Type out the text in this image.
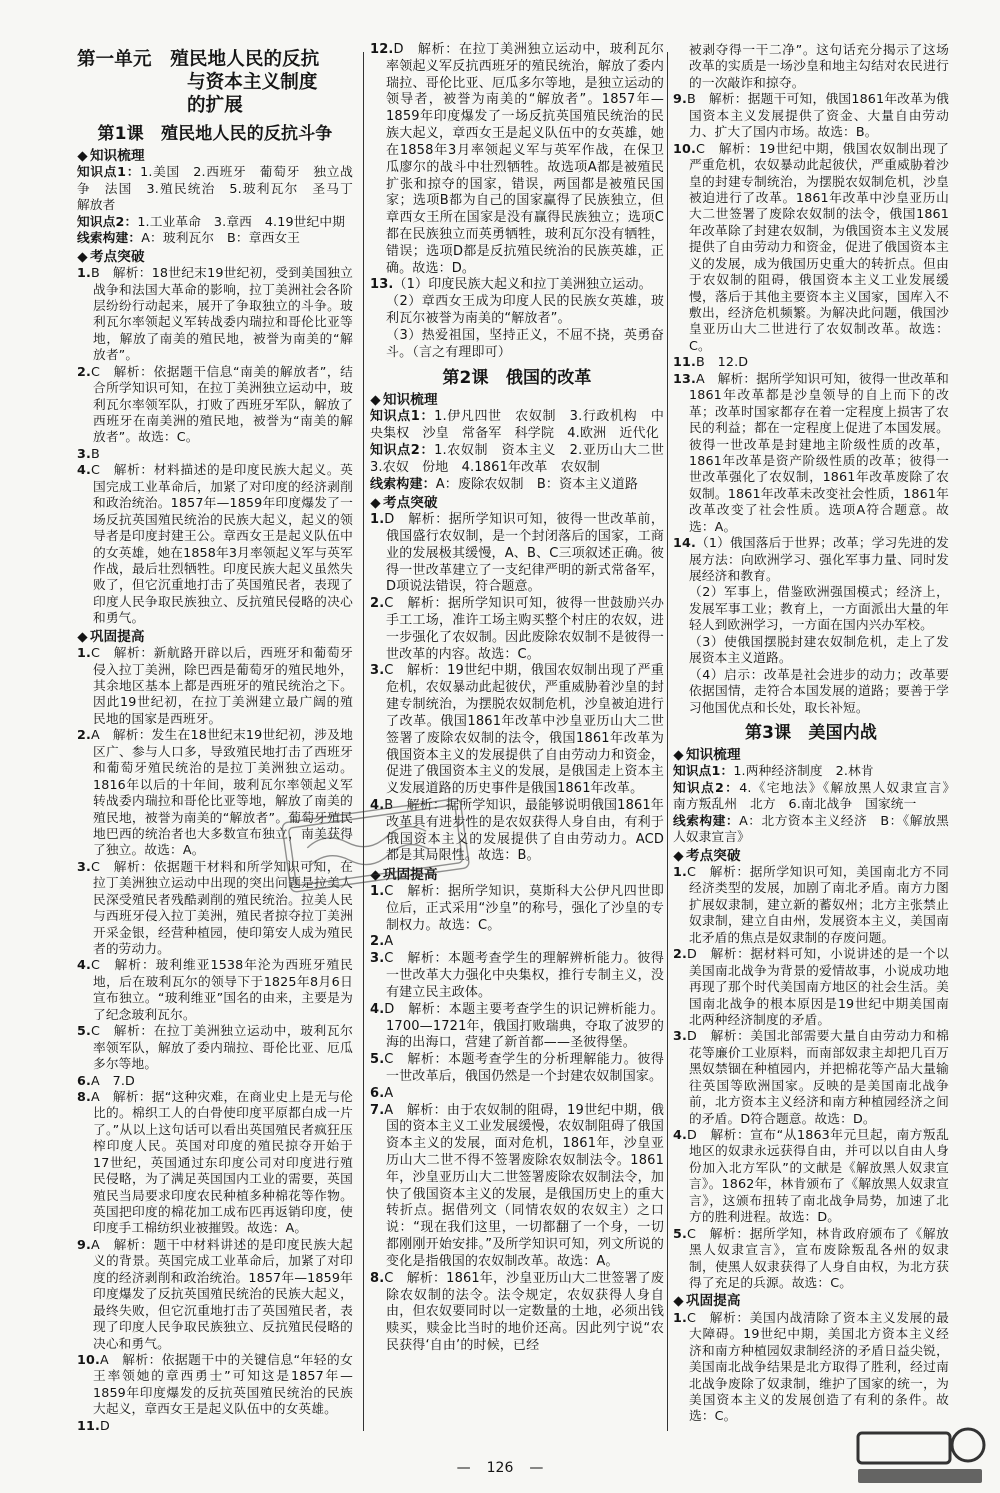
第一单元　殖民地人民的反抗
与资本主义制度
的扩展
第1课　殖民地人民的反抗斗争
◆ 知识梳理

知识点1：1.美国　2.西班牙　葡萄牙　独立战争　法国　3.殖民统治　5.玻利瓦尔　圣马丁　解放者

知识点2：1.工业革命　3.章西　4.19世纪中期

线索构建：A：玻利瓦尔　B：章西女王

◆ 考点突破

1.B　解析：18世纪末19世纪初，受到美国独立战争和法国大革命的影响，拉丁美洲社会各阶层纷纷行动起来，展开了争取独立的斗争。玻利瓦尔率领起义军转战委内瑞拉和哥伦比亚等地，解放了南美的殖民地，被誉为南美的“解放者”。

2.C　解析：依据题干信息“南美的解放者”，结合所学知识可知，在拉丁美洲独立运动中，玻利瓦尔率领军队，打败了西班牙军队，解放了西班牙在南美洲的殖民地，被誉为“南美的解放者”。故选：C。

3.B

4.C　解析：材料描述的是印度民族大起义。英国完成工业革命后，加紧了对印度的经济剥削和政治统治。1857年—1859年印度爆发了一场反抗英国殖民统治的民族大起义，起义的领导者是印度封建王公。章西女王是起义队伍中的女英雄，她在1858年3月率领起义军与英军作战，最后壮烈牺牲。印度民族大起义虽然失败了，但它沉重地打击了英国殖民者，表现了印度人民争取民族独立、反抗殖民侵略的决心和勇气。

◆ 巩固提高

1.C　解析：新航路开辟以后，西班牙和葡萄牙侵入拉丁美洲，除巴西是葡萄牙的殖民地外，其余地区基本上都是西班牙的殖民统治之下。因此19世纪初，在拉丁美洲建立最广阔的殖民地的国家是西班牙。

2.A　解析：发生在18世纪末19世纪初，涉及地区广、参与人口多，导致殖民地打击了西班牙和葡萄牙殖民统治的是拉丁美洲独立运动。1816年以后的十年间，玻利瓦尔率领起义军转战委内瑞拉和哥伦比亚等地，解放了南美的殖民地，被誉为南美的“解放者”。葡萄牙殖民地巴西的统治者也大多数宣布独立，南美获得了独立。故选：A。

3.C　解析：依据题干材料和所学知识可知，在拉丁美洲独立运动中出现的突出问题是拉美人民深受殖民者残酷剥削的殖民统治。拉美人民与西班牙侵入拉丁美洲，殖民者掠夺拉丁美洲开采金银，经营种植园，使印第安人成为殖民者的劳动力。

4.C　解析：玻利维亚1538年沦为西班牙殖民地，后在玻利瓦尔的领导下于1825年8月6日宣布独立。“玻利维亚”国名的由来，主要是为了纪念玻利瓦尔。

5.C　解析：在拉丁美洲独立运动中，玻利瓦尔率领军队，解放了委内瑞拉、哥伦比亚、厄瓜多尔等地。

6.A　7.D

8.A　解析：据“这种灾难，在商业史上是无与伦比的。棉织工人的白骨使印度平原都白成一片了。”从以上这句话可以看出英国殖民者疯狂压榨印度人民。英国对印度的殖民掠夺开始于17世纪，英国通过东印度公司对印度进行殖民侵略，为了满足英国国内工业的需要，英国殖民当局要求印度农民种植多种棉花等作物。英国把印度的棉花加工成布匹再返销印度，使印度手工棉纺织业被摧毁。故选：A。

9.A　解析：题干中材料讲述的是印度民族大起义的背景。英国完成工业革命后，加紧了对印度的经济剥削和政治统治。1857年—1859年印度爆发了反抗英国殖民统治的民族大起义，最终失败，但它沉重地打击了英国殖民者，表现了印度人民争取民族独立、反抗殖民侵略的决心和勇气。

10.A　解析：依据题干中的关键信息“年轻的女王率领她的章西勇士”可知这是1857年—1859年印度爆发的反抗英国殖民统治的民族大起义，章西女王是起义队伍中的女英雄。

11.D

12.D　解析：在拉丁美洲独立运动中，玻利瓦尔率领起义军反抗西班牙的殖民统治，解放了委内瑞拉、哥伦比亚、厄瓜多尔等地，是独立运动的领导者，被誉为南美的“解放者”。1857年—1859年印度爆发了一场反抗英国殖民统治的民族大起义，章西女王是起义队伍中的女英雄，她在1858年3月率领起义军与英军作战，在保卫瓜廖尔的战斗中壮烈牺牲。故选项A都是被殖民扩张和掠夺的国家，错误，两国都是被殖民国家；选项B都为自己的国家赢得了民族独立，但章西女王所在国家是没有赢得民族独立；选项C都在民族独立而英勇牺牲，玻利瓦尔没有牺牲，错误；选项D都是反抗殖民统治的民族英雄，正确。故选：D。

13.（1）印度民族大起义和拉丁美洲独立运动。

（2）章西女王成为印度人民的民族女英雄，玻利瓦尔被誉为南美的“解放者”。

（3）热爱祖国，坚持正义，不屈不挠，英勇奋斗。（言之有理即可）

第2课　俄国的改革
◆ 知识梳理

知识点1：1.伊凡四世　农奴制　3.行政机构　中央集权　沙皇　常备军　科学院　4.欧洲　近代化

知识点2：1.农奴制　资本主义　2.亚历山大二世　3.农奴　份地　4.1861年改革　农奴制

线索构建：A：废除农奴制　B：资本主义道路

◆ 考点突破

1.D　解析：据所学知识可知，彼得一世改革前，俄国盛行农奴制，是一个封闭落后的国家，工商业的发展极其缓慢，A、B、C三项叙述正确。彼得一世改革建立了一支纪律严明的新式常备军，D项说法错误，符合题意。

2.C　解析：据所学知识可知，彼得一世鼓励兴办手工工场，准许工场主购买整个村庄的农奴，进一步强化了农奴制。因此废除农奴制不是彼得一世改革的内容。故选：C。

3.C　解析：19世纪中期，俄国农奴制出现了严重危机，农奴暴动此起彼伏，严重威胁着沙皇的封建专制统治，为摆脱农奴制危机，沙皇被迫进行了改革。俄国1861年改革中沙皇亚历山大二世签署了废除农奴制的法令，俄国1861年改革为俄国资本主义的发展提供了自由劳动力和资金，促进了俄国资本主义的发展，是俄国走上资本主义发展道路的历史事件是俄国1861年改革。

4.B　解析：据所学知识，最能够说明俄国1861年改革具有进步性的是农奴获得人身自由，有利于俄国资本主义的发展提供了自由劳动力。ACD都是其局限性。故选：B。

◆ 巩固提高

1.C　解析：据所学知识，莫斯科大公伊凡四世即位后，正式采用“沙皇”的称号，强化了沙皇的专制权力。故选：C。

2.A

3.C　解析：本题考查学生的理解辨析能力。彼得一世改革大力强化中央集权，推行专制主义，没有建立民主政体。

4.D　解析：本题主要考查学生的识记辨析能力。1700—1721年，俄国打败瑞典，夺取了波罗的海的出海口，营建了新首都——圣彼得堡。

5.C　解析：本题考查学生的分析理解能力。彼得一世改革后，俄国仍然是一个封建农奴制国家。

6.A

7.A　解析：由于农奴制的阻碍，19世纪中期，俄国的资本主义工业发展缓慢，农奴制阻碍了俄国资本主义的发展，面对危机，1861年，沙皇亚历山大二世不得不签署废除农奴制法令。1861年，沙皇亚历山大二世签署废除农奴制法令，加快了俄国资本主义的发展，是俄国历史上的重大转折点。据借列文（同情农奴的农奴主）之口说：“现在我们这里，一切都翻了一个身，一切都刚刚开始安排。”及所学知识可知，列文所说的变化是指俄国的农奴制改革。故选：A。

8.C　解析：1861年，沙皇亚历山大二世签署了废除农奴制的法令。法令规定，农奴获得人身自由，但农奴要同时以一定数量的土地，必须出钱赎买，赎金比当时的地价还高。因此列宁说“农民获得‘自由’的时候，已经

被剥夺得一干二净”。这句话充分揭示了这场改革的实质是一场沙皇和地主勾结对农民进行的一次敲诈和掠夺。

9.B　解析：据题干可知，俄国1861年改革为俄国资本主义发展提供了资金、大量自由劳动力、扩大了国内市场。故选：B。

10.C　解析：19世纪中期，俄国农奴制出现了严重危机，农奴暴动此起彼伏，严重威胁着沙皇的封建专制统治，为摆脱农奴制危机，沙皇被迫进行了改革。1861年改革中沙皇亚历山大二世签署了废除农奴制的法令，俄国1861年改革除了封建农奴制，为俄国资本主义发展提供了自由劳动力和资金，促进了俄国资本主义的发展，成为俄国历史重大的转折点。但由于农奴制的阻碍，俄国资本主义工业发展缓慢，落后于其他主要资本主义国家，国库入不敷出，经济危机频繁。为解决此问题，俄国沙皇亚历山大二世进行了农奴制改革。故选：C。

11.B　12.D

13.A　解析：据所学知识可知，彼得一世改革和1861年改革都是沙皇领导的自上而下的改革；改革时国家都存在着一定程度上损害了农民的利益；都在一定程度上促进了本国发展。彼得一世改革是封建地主阶级性质的改革，1861年改革是资产阶级性质的改革；彼得一世改革强化了农奴制，1861年改革废除了农奴制。1861年改革未改变社会性质，1861年改革改变了社会性质。选项A符合题意。故选：A。

14.（1）俄国落后于世界；改革；学习先进的发展方法：向欧洲学习、强化军事力量、同时发展经济和教育。

（2）军事上，借鉴欧洲强国模式；经济上，发展军事工业；教育上，一方面派出大量的年轻人到欧洲学习，一方面在国内兴办军校。

（3）使俄国摆脱封建农奴制危机，走上了发展资本主义道路。

（4）启示：改革是社会进步的动力；改革要依据国情，走符合本国发展的道路；要善于学习他国优点和长处，取长补短。

第3课　美国内战
◆ 知识梳理

知识点1：1.两种经济制度　2.林肯

知识点2：4.《宅地法》《解放黑人奴隶宣言》　南方叛乱州　北方　6.南北战争　国家统一

线索构建：A：北方资本主义经济　B：《解放黑人奴隶宣言》

◆ 考点突破

1.C　解析：据所学知识可知，美国南北方不同经济类型的发展，加剧了南北矛盾。南方力图扩展奴隶制，建立新的蓄奴州；北方主张禁止奴隶制，建立自由州，发展资本主义，美国南北矛盾的焦点是奴隶制的存废问题。

2.D　解析：据材料可知，小说讲述的是一个以美国南北战争为背景的爱情故事，小说成功地再现了那个时代美国南方地区的社会生活。美国南北战争的根本原因是19世纪中期美国南北两种经济制度的矛盾。

3.D　解析：美国北部需要大量自由劳动力和棉花等廉价工业原料，而南部奴隶主却把几百万黑奴禁锢在种植园内，并把棉花等产品大量输往英国等欧洲国家。反映的是美国南北战争前，北方资本主义经济和南方种植园经济之间的矛盾。D符合题意。故选：D。

4.D　解析：宣布“从1863年元旦起，南方叛乱地区的奴隶永远获得自由，并可以以自由人身份加入北方军队”的文献是《解放黑人奴隶宣言》。1862年，林肯颁布了《解放黑人奴隶宣言》，这颁布扭转了南北战争局势，加速了北方的胜利进程。故选：D。

5.C　解析：据所学知，林肯政府颁布了《解放黑人奴隶宣言》，宣布废除叛乱各州的奴隶制，使黑人奴隶获得了人身自由权，为北方获得了充足的兵源。故选：C。

◆ 巩固提高

1.C　解析：美国内战清除了资本主义发展的最大障碍。19世纪中期，美国北方资本主义经济和南方种植园奴隶制经济的矛盾日益尖锐，美国南北战争结果是北方取得了胜利，经过南北战争废除了奴隶制，维护了国家的统一，为美国资本主义的发展创造了有利的条件。故选：C。

— 126 —
